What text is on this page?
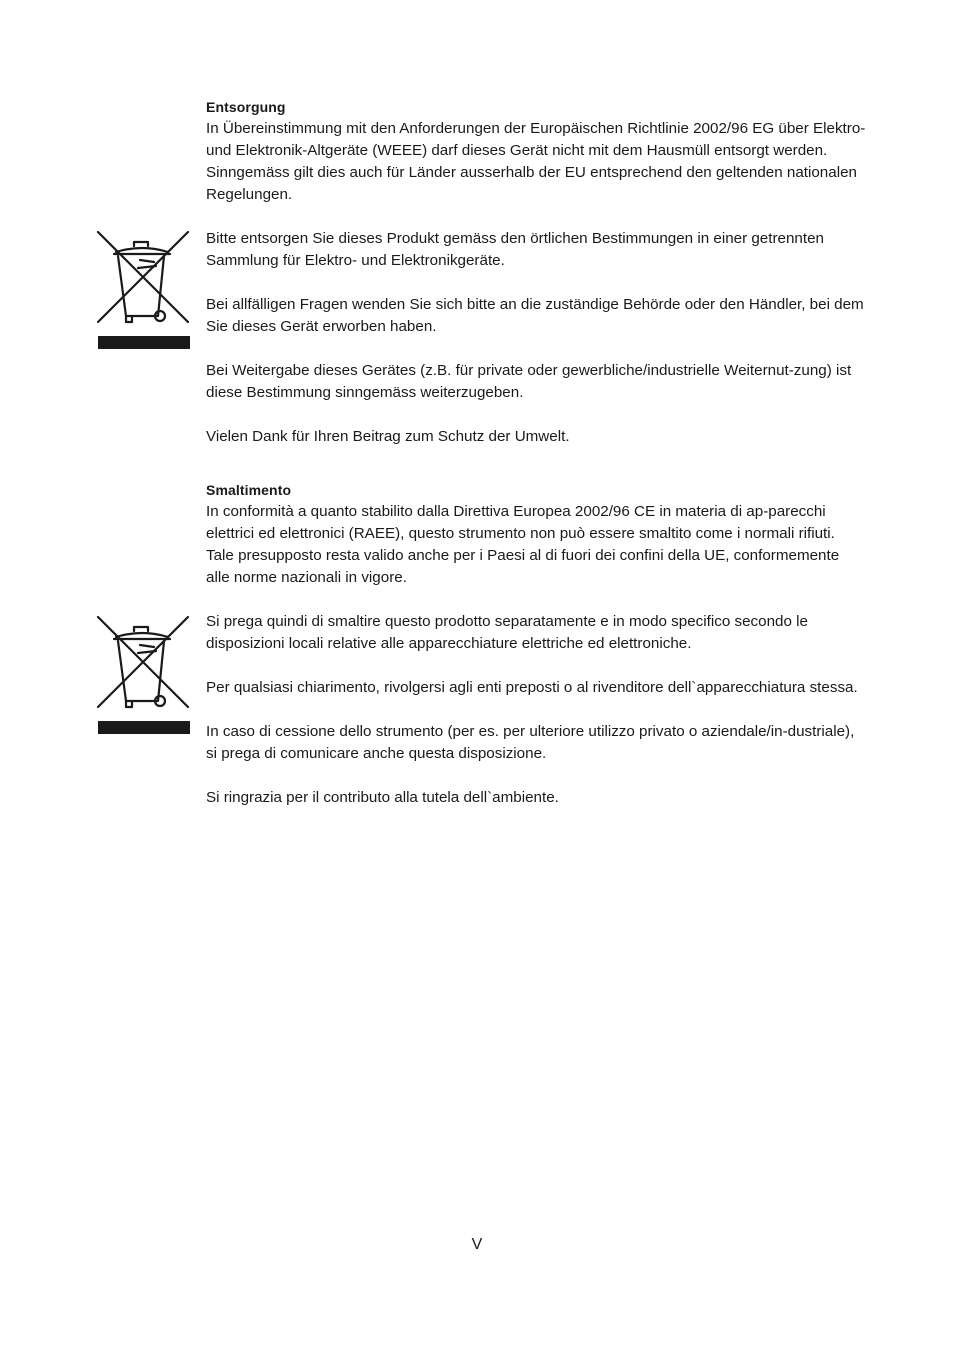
Entsorgung

In Übereinstimmung mit den Anforderungen der Europäischen Richtlinie 2002/96 EG über Elektro- und Elektronik-Altgeräte (WEEE) darf dieses Gerät nicht mit dem Hausmüll entsorgt werden. Sinngemäss gilt dies auch für Länder ausserhalb der EU entsprechend den geltenden nationalen Regelungen.

Bitte entsorgen Sie dieses Produkt gemäss den örtlichen Bestimmungen in einer getrennten Sammlung für Elektro- und Elektronikgeräte.

Bei allfälligen Fragen wenden Sie sich bitte an die zuständige Behörde oder den Händler, bei dem Sie dieses Gerät erworben haben.

Bei Weitergabe dieses Gerätes (z.B. für private oder gewerbliche/industrielle Weiternut-zung) ist diese Bestimmung sinngemäss weiterzugeben.

Vielen Dank für Ihren Beitrag zum Schutz der Umwelt.

Smaltimento

In conformità a quanto stabilito dalla Direttiva Europea 2002/96 CE in materia di ap-parecchi elettrici ed elettronici (RAEE), questo strumento non può essere smaltito come i normali rifiuti. Tale presupposto resta valido anche per i Paesi al di fuori dei confini della UE, conformemente alle norme nazionali in vigore.

Si prega quindi di smaltire questo prodotto separatamente e in modo specifico secondo le disposizioni locali relative alle apparecchiature elettriche ed elettroniche.

Per qualsiasi chiarimento, rivolgersi agli enti preposti o al rivenditore dell`apparecchiatura stessa.

In caso di cessione dello strumento (per es. per ulteriore utilizzo privato o aziendale/in-dustriale), si prega di comunicare anche questa disposizione.

Si ringrazia per il contributo alla tutela dell`ambiente.

V
